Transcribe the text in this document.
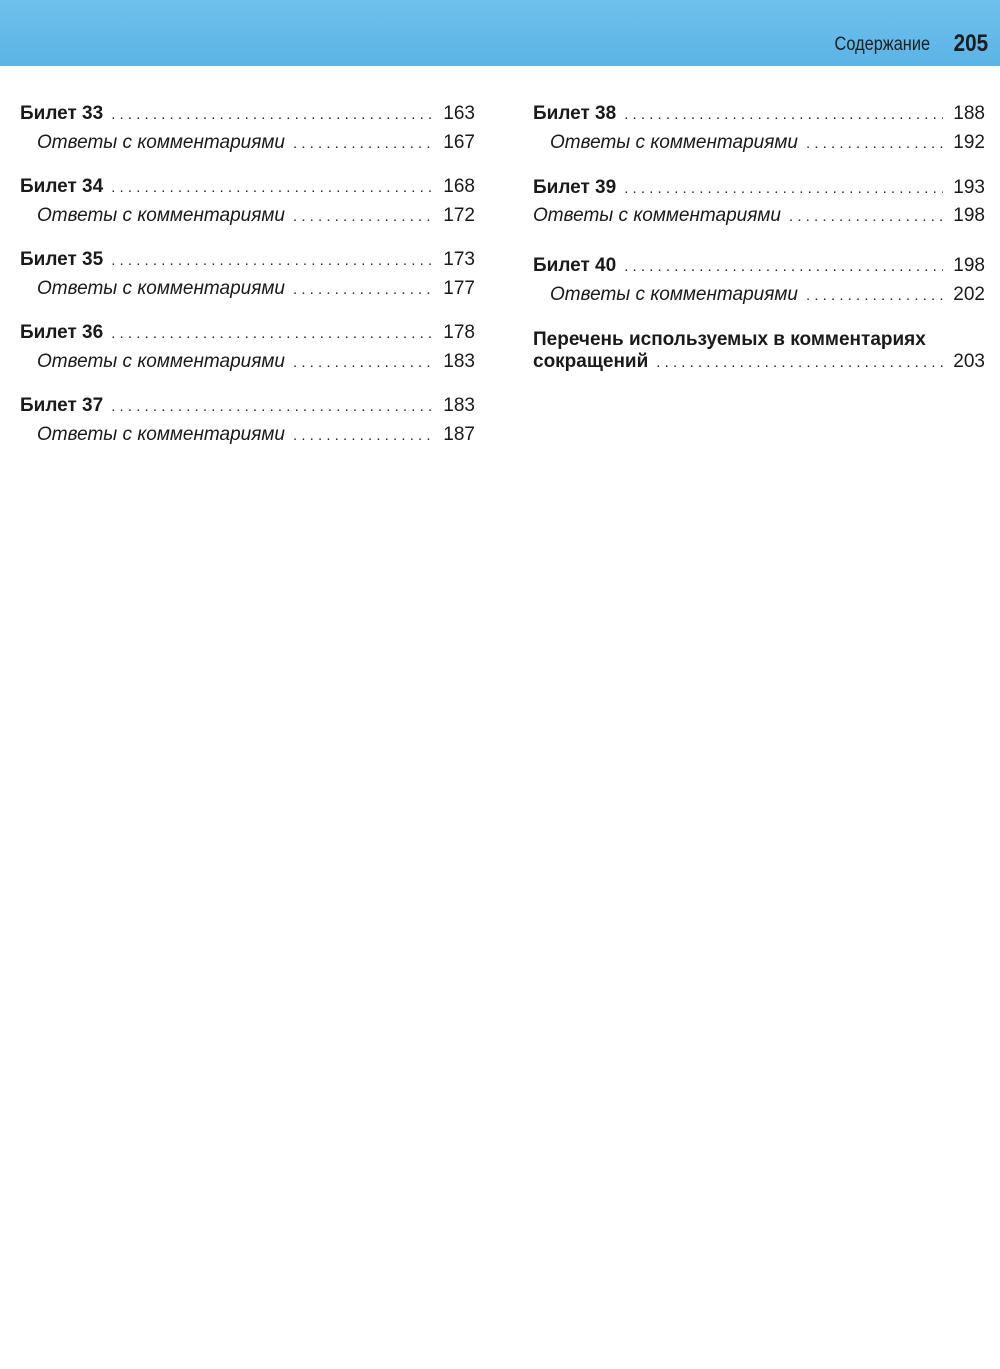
Содержание 205
Билет 33 . . .	163
Ответы с комментариями . . .	167
Билет 34 . . .	168
Ответы с комментариями . . .	172
Билет 35 . . .	173
Ответы с комментариями . . .	177
Билет 36 . . .	178
Ответы с комментариями . . .	183
Билет 37 . . .	183
Ответы с комментариями . . .	187
Билет 38 . . .	188
Ответы с комментариями . . .	192
Билет 39 . . .	193
Ответы с комментариями . . .	198
Билет 40 . . .	198
Ответы с комментариями . . .	202
Перечень используемых в комментариях
сокращений . . .	203
